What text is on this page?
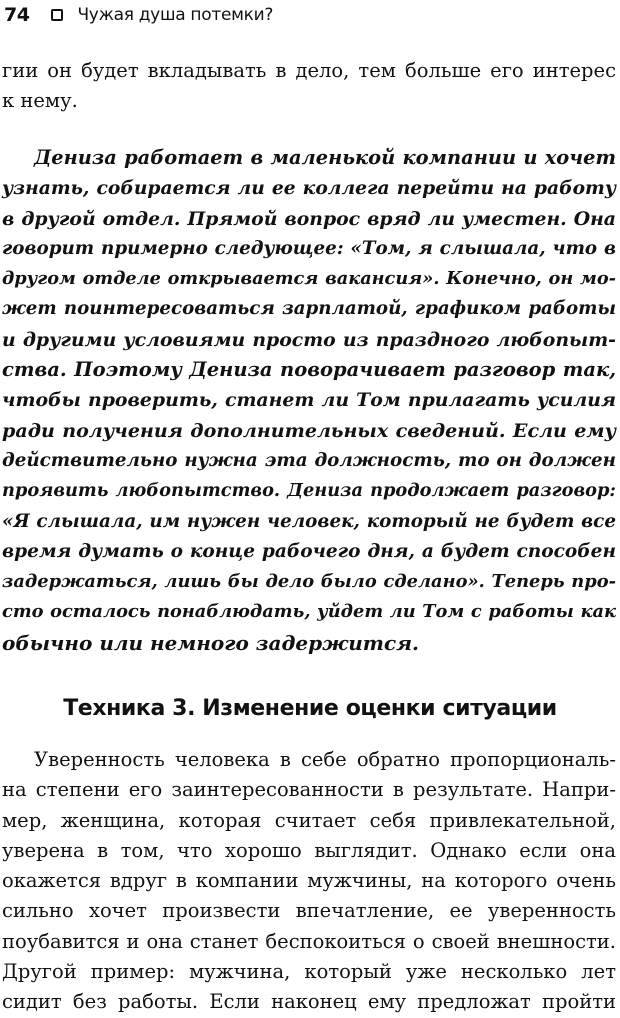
74	Чужая душа потемки?

гии он будет вкладывать в дело, тем больше его интерес
к нему.

Дениза работает в маленькой компании и хочет
узнать, собирается ли ее коллега перейти на работу
в другой отдел. Прямой вопрос вряд ли уместен. Она
говорит примерно следующее: «Том, я слышала, что в
другом отделе открывается вакансия». Конечно, он мо-
жет поинтересоваться зарплатой, графиком работы
и другими условиями просто из праздного любопыт-
ства. Поэтому Дениза поворачивает разговор так,
чтобы проверить, станет ли Том прилагать усилия
ради получения дополнительных сведений. Если ему
действительно нужна эта должность, то он должен
проявить любопытство. Дениза продолжает разговор:
«Я слышала, им нужен человек, который не будет все
время думать о конце рабочего дня, а будет способен
задержаться, лишь бы дело было сделано». Теперь про-
сто осталось понаблюдать, уйдет ли Том с работы как
обычно или немного задержится.

Техника 3. Изменение оценки ситуации

Уверенность человека в себе обратно пропорциональ-
на степени его заинтересованности в результате. Напри-
мер, женщина, которая считает себя привлекательной,
уверена в том, что хорошо выглядит. Однако если она
окажется вдруг в компании мужчины, на которого очень
сильно хочет произвести впечатление, ее уверенность
поубавится и она станет беспокоиться о своей внешности.
Другой пример: мужчина, который уже несколько лет
сидит без работы. Если наконец ему предложат пройти
